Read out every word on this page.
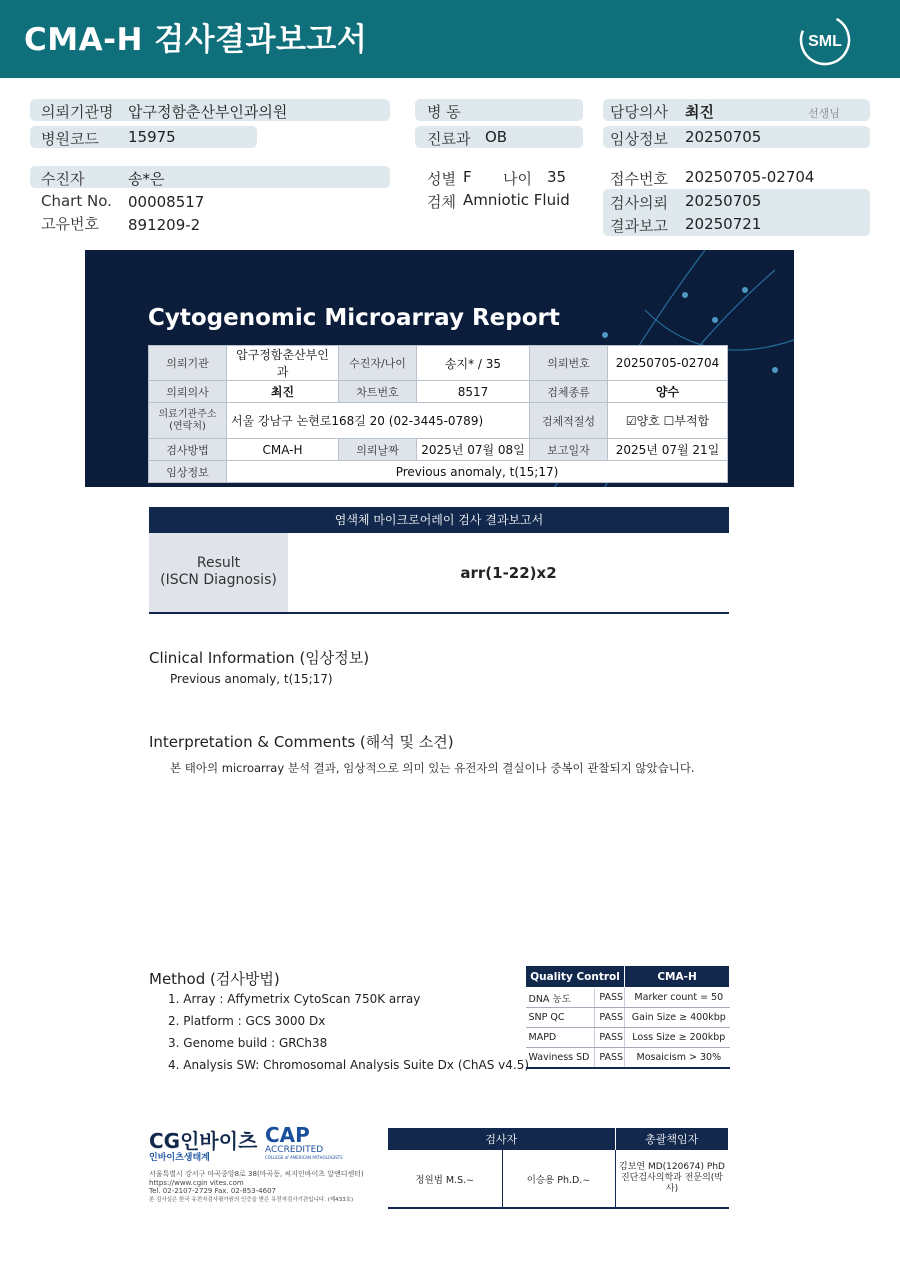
CMA-H 검사결과보고서	SML
의뢰기관명 압구정함춘산부인과의원
병원코드 15975
병 동
진료과 OB
담당의사 최진	선생님
임상정보 20250705
수진자	송*은
Chart No. 00008517
고유번호 891209-2
성별 F 나이 35
검체 Amniotic Fluid
접수번호 20250705-02704
검사의뢰 20250705
결과보고 20250721
Cytogenomic Microarray Report
의뢰기관	압구정함춘산부인과	수진자/나이	송지* / 35	의뢰번호	20250705-02704
의뢰의사	최진	차트번호	8517	검체종류	양수
의료기관주소
(연락처)	서울 강남구 논현로168길 20 (02-3445-0789)			검체적절성	☑양호 ☐부적합
검사방법	CMA-H	의뢰날짜	2025년 07월 08일	보고일자	2025년 07월 21일
임상정보	Previous anomaly, t(15;17)				
염색체 마이크로어레이 검사 결과보고서
Result
(ISCN Diagnosis)	arr(1-22)x2
Clinical Information (임상정보)
Previous anomaly, t(15;17)
Interpretation & Comments (해석 및 소견)
본 태아의 microarray 분석 결과, 임상적으로 의미 있는 유전자의 결실이나 중복이 관찰되지 않았습니다.
Method (검사방법)
1. Array : Affymetrix CytoScan 750K array
2. Platform : GCS 3000 Dx
3. Genome build : GRCh38
4. Analysis SW: Chromosomal Analysis Suite Dx (ChAS v4.5)
Quality Control		CMA-H
DNA 농도	PASS	Marker count = 50
SNP QC	PASS	Gain Size ≥ 400kbp
MAPD	PASS	Loss Size ≥ 200kbp
Waviness SD	PASS	Mosaicism > 30%
CG인바이츠
인바이츠생태계
CAP
ACCREDITED
COLLEGE of AMERICAN PATHOLOGISTS
서울특별시 강서구 마곡중앙8로 38(마곡동, 씨지인바이츠 알앤디센터)
https://www.cgin vites.com
Tel. 02-2107-2729 Fax. 02-853-4607
본 검사실은 한국 유전자검사평가원의 인증을 받은 유전자검사기관입니다. (제433호)
검사자		총괄책임자
정원범 M.S.~	이승용 Ph.D.~	김보연 MD(120674) PhD
진단검사의학과 전문의(박사)
